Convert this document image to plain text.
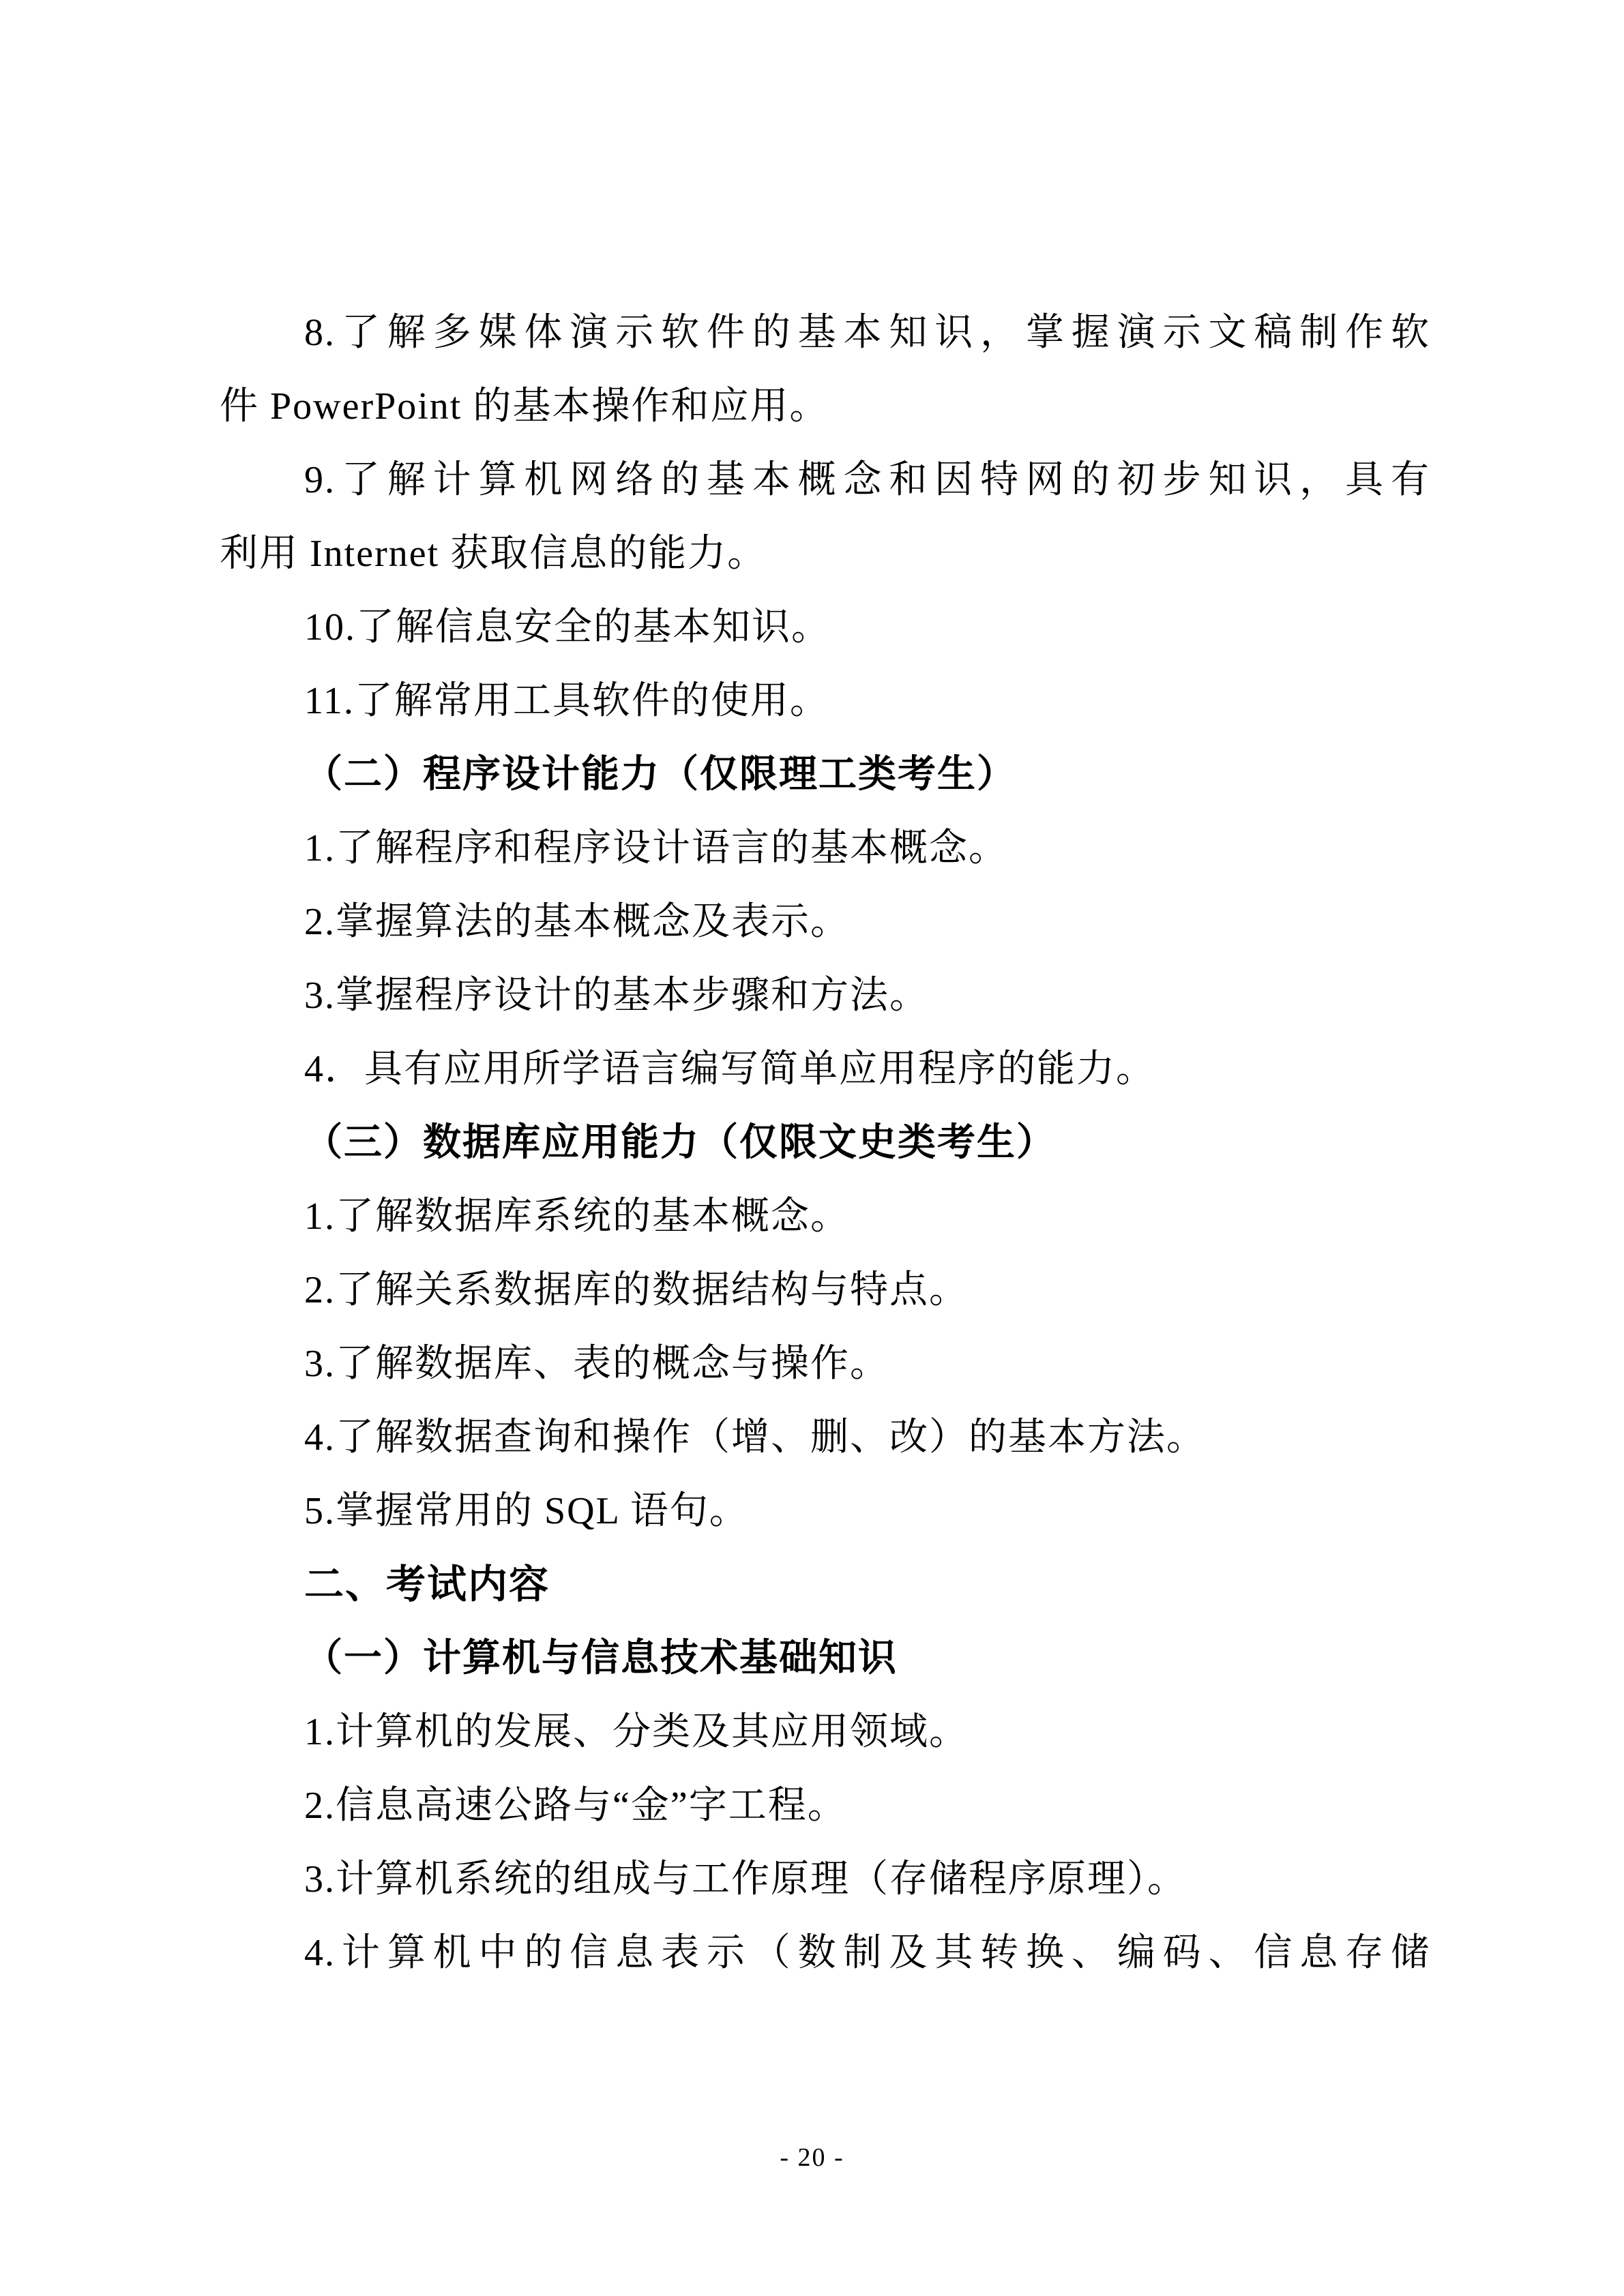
8.了解多媒体演示软件的基本知识，掌握演示文稿制作软
件 PowerPoint 的基本操作和应用。
9.了解计算机网络的基本概念和因特网的初步知识，具有
利用 Internet 获取信息的能力。
10.了解信息安全的基本知识。
11.了解常用工具软件的使用。
（二）程序设计能力（仅限理工类考生）
1.了解程序和程序设计语言的基本概念。
2.掌握算法的基本概念及表示。
3.掌握程序设计的基本步骤和方法。
4．具有应用所学语言编写简单应用程序的能力。
（三）数据库应用能力（仅限文史类考生）
1.了解数据库系统的基本概念。
2.了解关系数据库的数据结构与特点。
3.了解数据库、表的概念与操作。
4.了解数据查询和操作（增、删、改）的基本方法。
5.掌握常用的 SQL 语句。
二、考试内容
（一）计算机与信息技术基础知识
1.计算机的发展、分类及其应用领域。
2.信息高速公路与“金”字工程。
3.计算机系统的组成与工作原理（存储程序原理）。
4.计算机中的信息表示（数制及其转换、编码、信息存储
- 20 -
